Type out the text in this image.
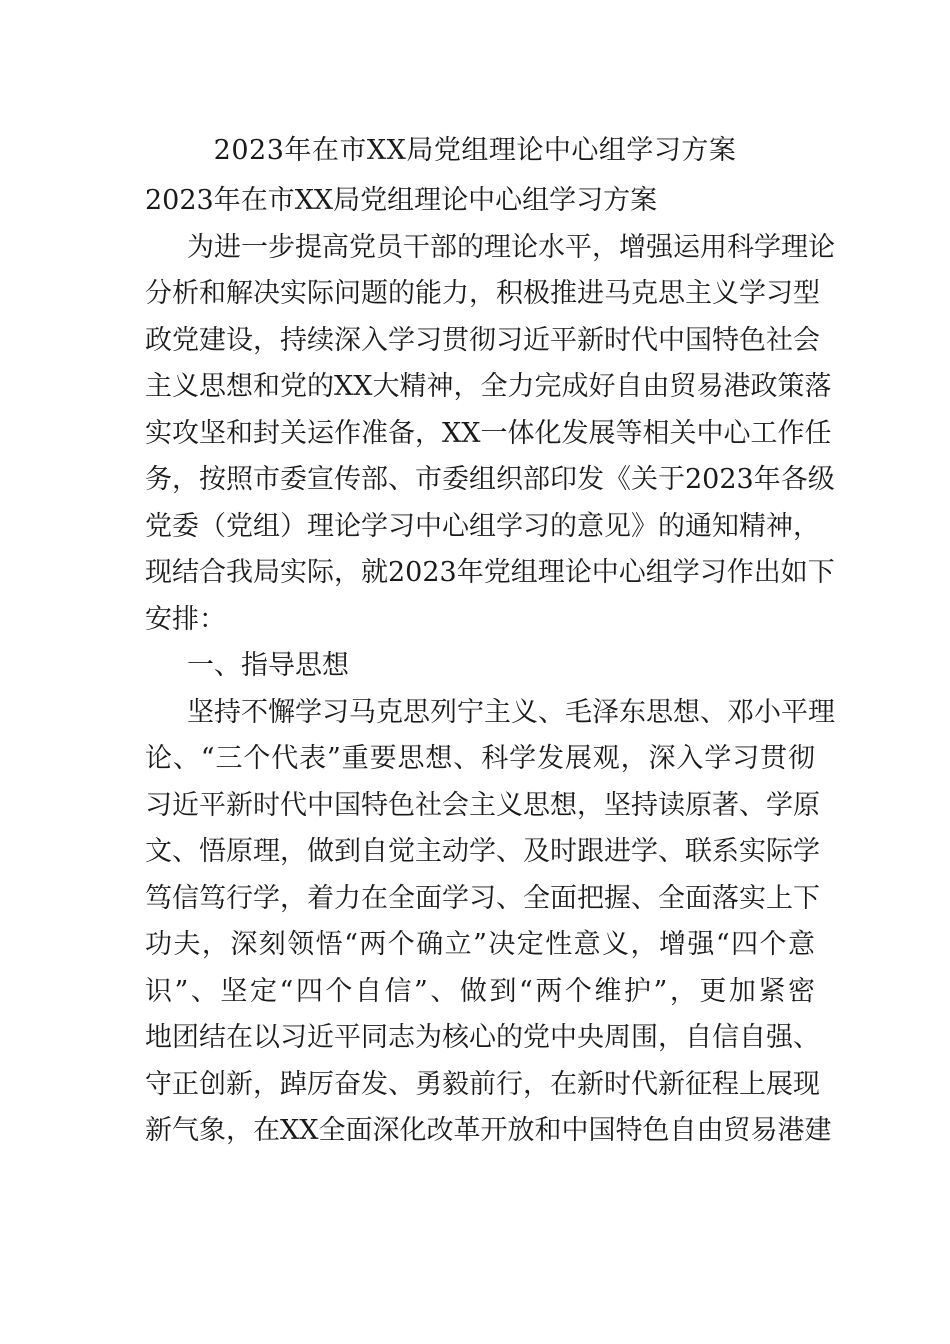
2023年在市XX局党组理论中心组学习方案
2023年在市XX局党组理论中心组学习方案
为进一步提高党员干部的理论水平，增强运用科学理论
分析和解决实际问题的能力，积极推进马克思主义学习型
政党建设，持续深入学习贯彻习近平新时代中国特色社会
主义思想和党的XX大精神，全力完成好自由贸易港政策落
实攻坚和封关运作准备，XX一体化发展等相关中心工作任
务，按照市委宣传部、市委组织部印发《关于2023年各级
党委（党组）理论学习中心组学习的意见》的通知精神，
现结合我局实际，就2023年党组理论中心组学习作出如下
安排：
一、指导思想
坚持不懈学习马克思列宁主义、毛泽东思想、邓小平理
论、“三个代表”重要思想、科学发展观，深入学习贯彻
习近平新时代中国特色社会主义思想，坚持读原著、学原
文、悟原理，做到自觉主动学、及时跟进学、联系实际学
笃信笃行学，着力在全面学习、全面把握、全面落实上下
功夫，深刻领悟“两个确立”决定性意义，增强“四个意
识”、坚定“四个自信”、做到“两个维护”，更加紧密
地团结在以习近平同志为核心的党中央周围，自信自强、
守正创新，踔厉奋发、勇毅前行，在新时代新征程上展现
新气象，在XX全面深化改革开放和中国特色自由贸易港建
